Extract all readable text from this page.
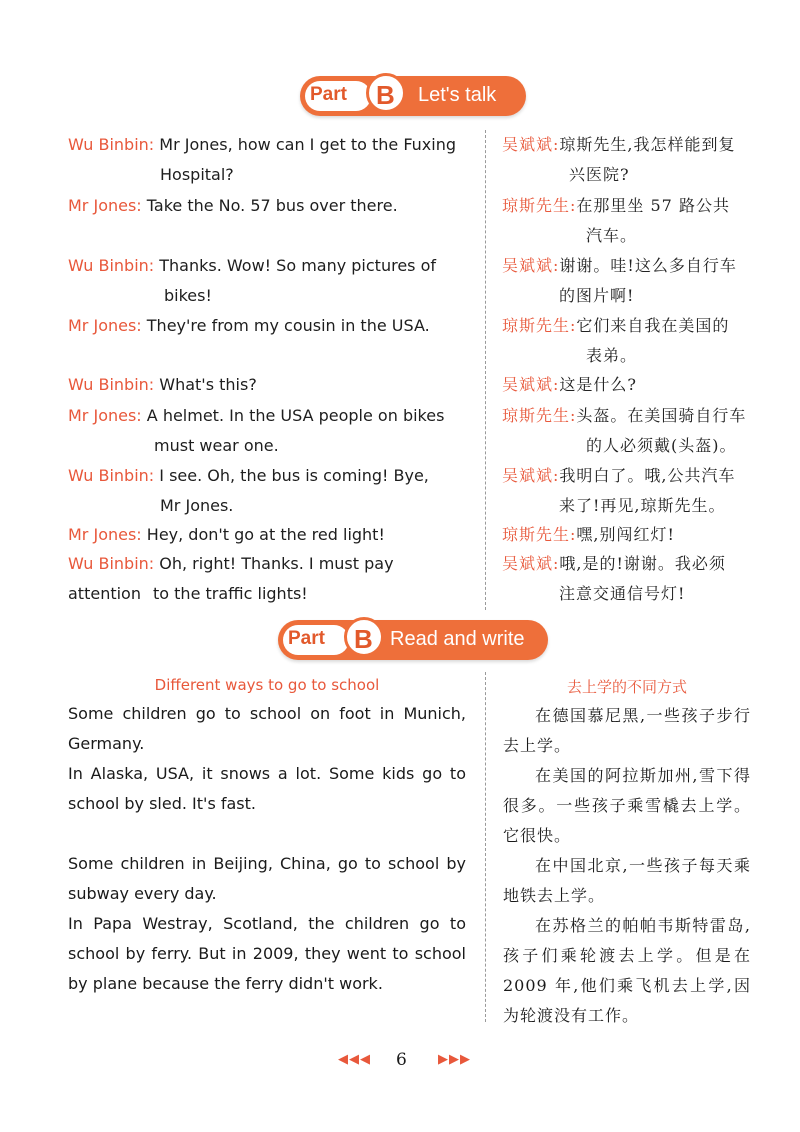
Part B Let's talk
Wu Binbin: Mr Jones, how can I get to the Fuxing
Hospital?
吴斌斌:琼斯先生,我怎样能到复
兴医院?
Mr Jones: Take the No. 57 bus over there.	琼斯先生:在那里坐 57 路公共
汽车。
Wu Binbin: Thanks. Wow! So many pictures of
bikes!
吴斌斌:谢谢。哇!这么多自行车
的图片啊!
Mr Jones: They're from my cousin in the USA.	琼斯先生:它们来自我在美国的
表弟。
Wu Binbin: What's this?	吴斌斌:这是什么?
Mr Jones: A helmet. In the USA people on bikes
must wear one.
琼斯先生:头盔。在美国骑自行车
的人必须戴(头盔)。
Wu Binbin: I see. Oh, the bus is coming! Bye,
Mr Jones.
吴斌斌:我明白了。哦,公共汽车
来了!再见,琼斯先生。
Mr Jones: Hey, don't go at the red light!	琼斯先生:嘿,别闯红灯!
Wu Binbin: Oh, right! Thanks. I must pay attention to the traffic lights!
吴斌斌:哦,是的!谢谢。我必须
注意交通信号灯!
Part B Read and write
Different ways to go to school	去上学的不同方式
Some children go to school on foot in Munich, Germany.
In Alaska, USA, it snows a lot. Some kids go to school by sled. It's fast.
Some children in Beijing, China, go to school by subway every day.
In Papa Westray, Scotland, the children go to school by ferry. But in 2009, they went to school by plane because the ferry didn't work.
在德国慕尼黑,一些孩子步行去上学。
在美国的阿拉斯加州,雪下得很多。一些孩子乘雪橇去上学。它很快。
在中国北京,一些孩子每天乘地铁去上学。
在苏格兰的帕帕韦斯特雷岛,孩子们乘轮渡去上学。但是在 2009 年,他们乘飞机去上学,因为轮渡没有工作。
◀◀◀ 6 ▶▶▶
